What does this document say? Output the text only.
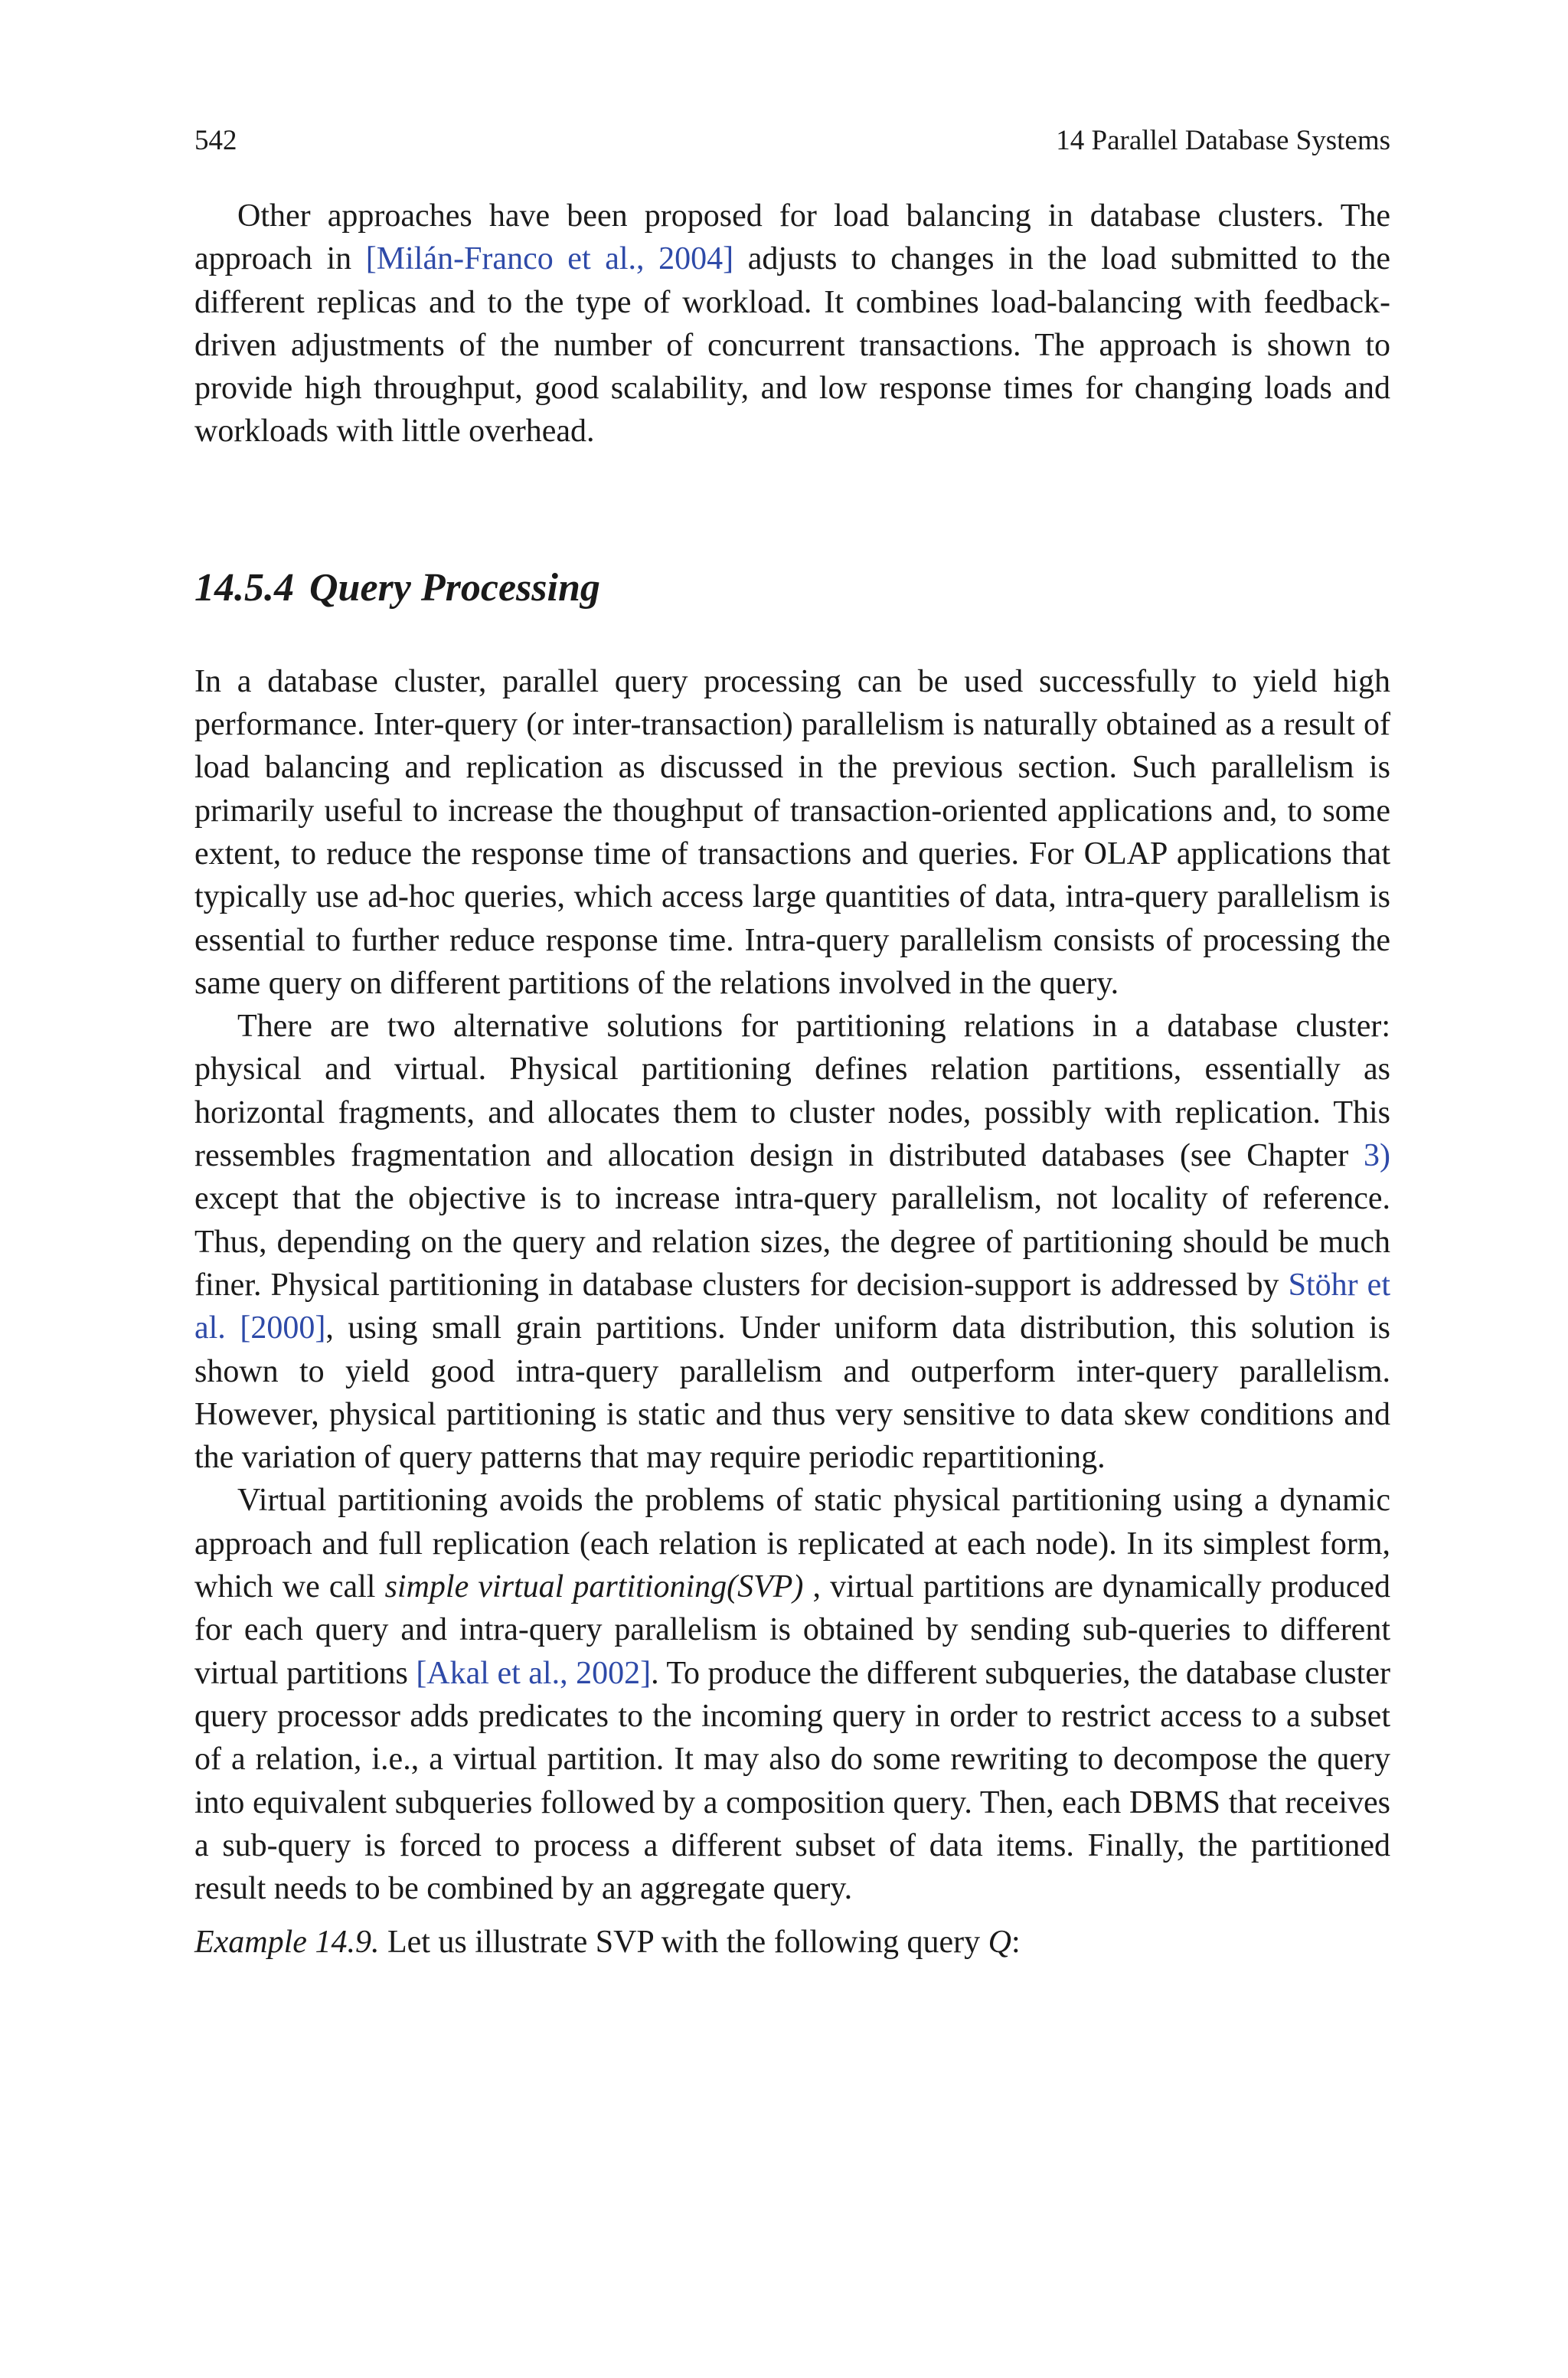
542	14 Parallel Database Systems

Other approaches have been proposed for load balancing in database clusters. The approach in [Milán-Franco et al., 2004] adjusts to changes in the load submitted to the different replicas and to the type of workload. It combines load-balancing with feedback-driven adjustments of the number of concurrent transactions. The approach is shown to provide high throughput, good scalability, and low response times for changing loads and workloads with little overhead.

14.5.4 Query Processing

In a database cluster, parallel query processing can be used successfully to yield high performance. Inter-query (or inter-transaction) parallelism is naturally obtained as a result of load balancing and replication as discussed in the previous section. Such parallelism is primarily useful to increase the thoughput of transaction-oriented applications and, to some extent, to reduce the response time of transactions and queries. For OLAP applications that typically use ad-hoc queries, which access large quantities of data, intra-query parallelism is essential to further reduce response time. Intra-query parallelism consists of processing the same query on different partitions of the relations involved in the query.

There are two alternative solutions for partitioning relations in a database cluster: physical and virtual. Physical partitioning defines relation partitions, essentially as horizontal fragments, and allocates them to cluster nodes, possibly with replication. This ressembles fragmentation and allocation design in distributed databases (see Chapter 3) except that the objective is to increase intra-query parallelism, not locality of reference. Thus, depending on the query and relation sizes, the degree of partitioning should be much finer. Physical partitioning in database clusters for decision-support is addressed by Stöhr et al. [2000], using small grain partitions. Under uniform data distribution, this solution is shown to yield good intra-query parallelism and outperform inter-query parallelism. However, physical partitioning is static and thus very sensitive to data skew conditions and the variation of query patterns that may require periodic repartitioning.

Virtual partitioning avoids the problems of static physical partitioning using a dynamic approach and full replication (each relation is replicated at each node). In its simplest form, which we call simple virtual partitioning(SVP) , virtual partitions are dynamically produced for each query and intra-query parallelism is obtained by sending sub-queries to different virtual partitions [Akal et al., 2002]. To produce the different subqueries, the database cluster query processor adds predicates to the incoming query in order to restrict access to a subset of a relation, i.e., a virtual partition. It may also do some rewriting to decompose the query into equivalent subqueries followed by a composition query. Then, each DBMS that receives a sub-query is forced to process a different subset of data items. Finally, the partitioned result needs to be combined by an aggregate query.

Example 14.9. Let us illustrate SVP with the following query Q:
